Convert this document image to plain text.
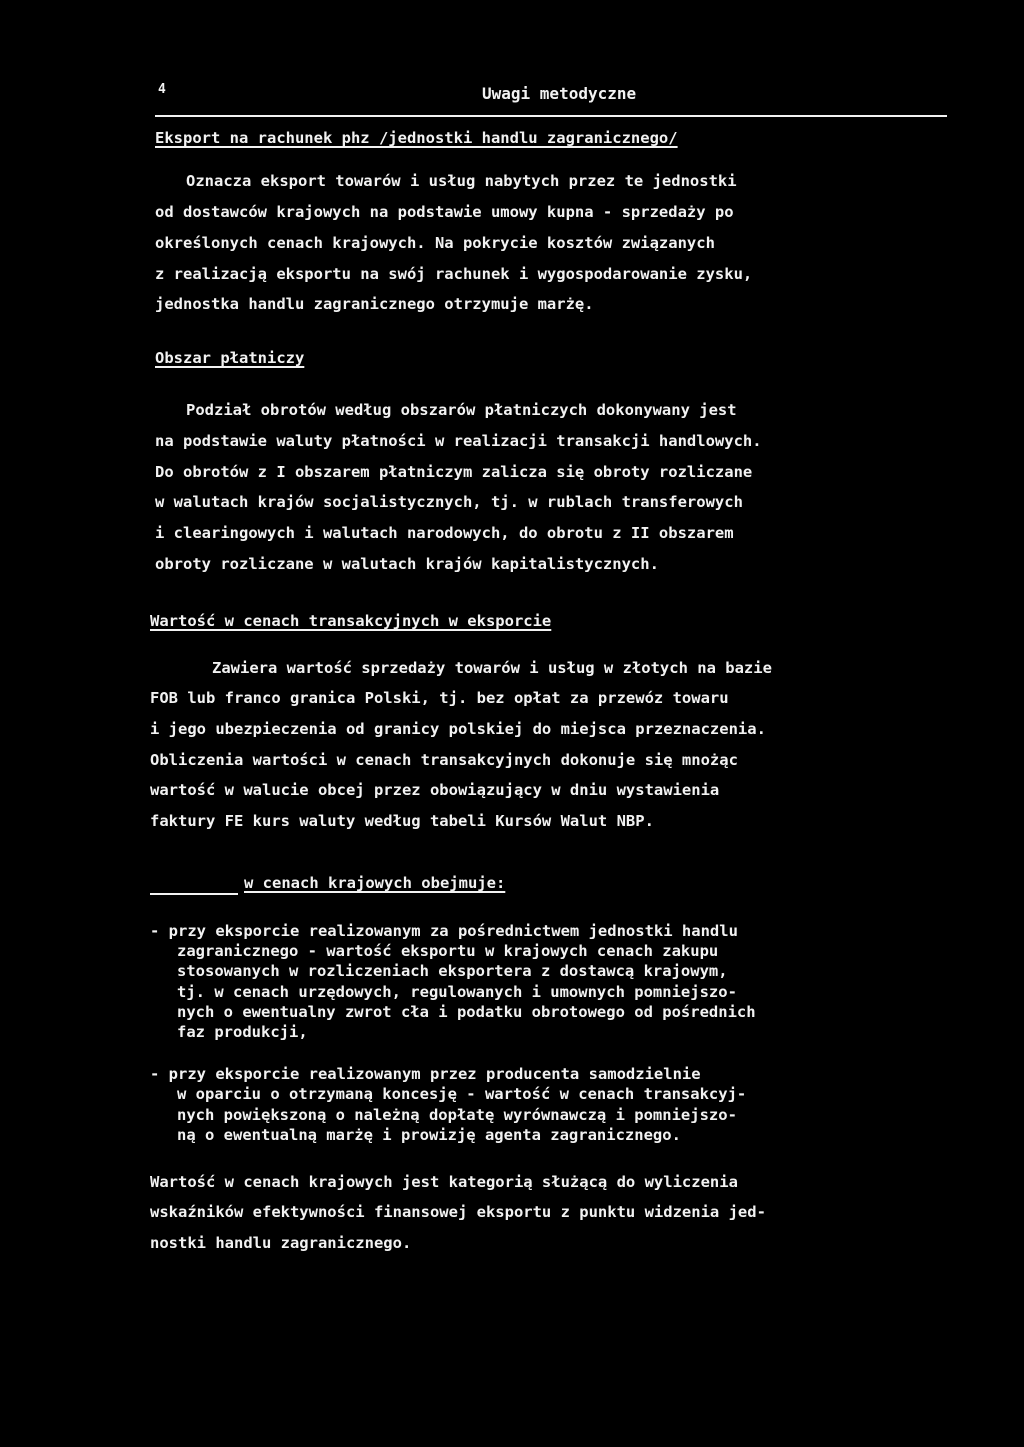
4	Uwagi metodyczne
Eksport na rachunek phz /jednostki handlu zagranicznego/
Oznacza eksport towarów i usług nabytych przez te jednostki
od dostawców krajowych na podstawie umowy kupna - sprzedaży po
określonych cenach krajowych. Na pokrycie kosztów związanych
z realizacją eksportu na swój rachunek i wygospodarowanie zysku,
jednostka handlu zagranicznego otrzymuje marżę.
Obszar płatniczy
Podział obrotów według obszarów płatniczych dokonywany jest
na podstawie waluty płatności w realizacji transakcji handlowych.
Do obrotów z I obszarem płatniczym zalicza się obroty rozliczane
w walutach krajów socjalistycznych, tj. w rublach transferowych
i clearingowych i walutach narodowych, do obrotu z II obszarem
obroty rozliczane w walutach krajów kapitalistycznych.
Wartość w cenach transakcyjnych w eksporcie
Zawiera wartość sprzedaży towarów i usług w złotych na bazie
FOB lub franco granica Polski, tj. bez opłat za przewóz towaru
i jego ubezpieczenia od granicy polskiej do miejsca przeznaczenia.
Obliczenia wartości w cenach transakcyjnych dokonuje się mnożąc
wartość w walucie obcej przez obowiązujący w dniu wystawienia
faktury FE kurs waluty według tabeli Kursów Walut NBP.
w cenach krajowych obejmuje:
- przy eksporcie realizowanym za pośrednictwem jednostki handlu
zagranicznego - wartość eksportu w krajowych cenach zakupu
stosowanych w rozliczeniach eksportera z dostawcą krajowym,
tj. w cenach urzędowych, regulowanych i umownych pomniejszo-
nych o ewentualny zwrot cła i podatku obrotowego od pośrednich
faz produkcji,
- przy eksporcie realizowanym przez producenta samodzielnie
w oparciu o otrzymaną koncesję - wartość w cenach transakcyj-
nych powiększoną o należną dopłatę wyrównawczą i pomniejszo-
ną o ewentualną marżę i prowizję agenta zagranicznego.
Wartość w cenach krajowych jest kategorią służącą do wyliczenia
wskaźników efektywności finansowej eksportu z punktu widzenia jed-
nostki handlu zagranicznego.
